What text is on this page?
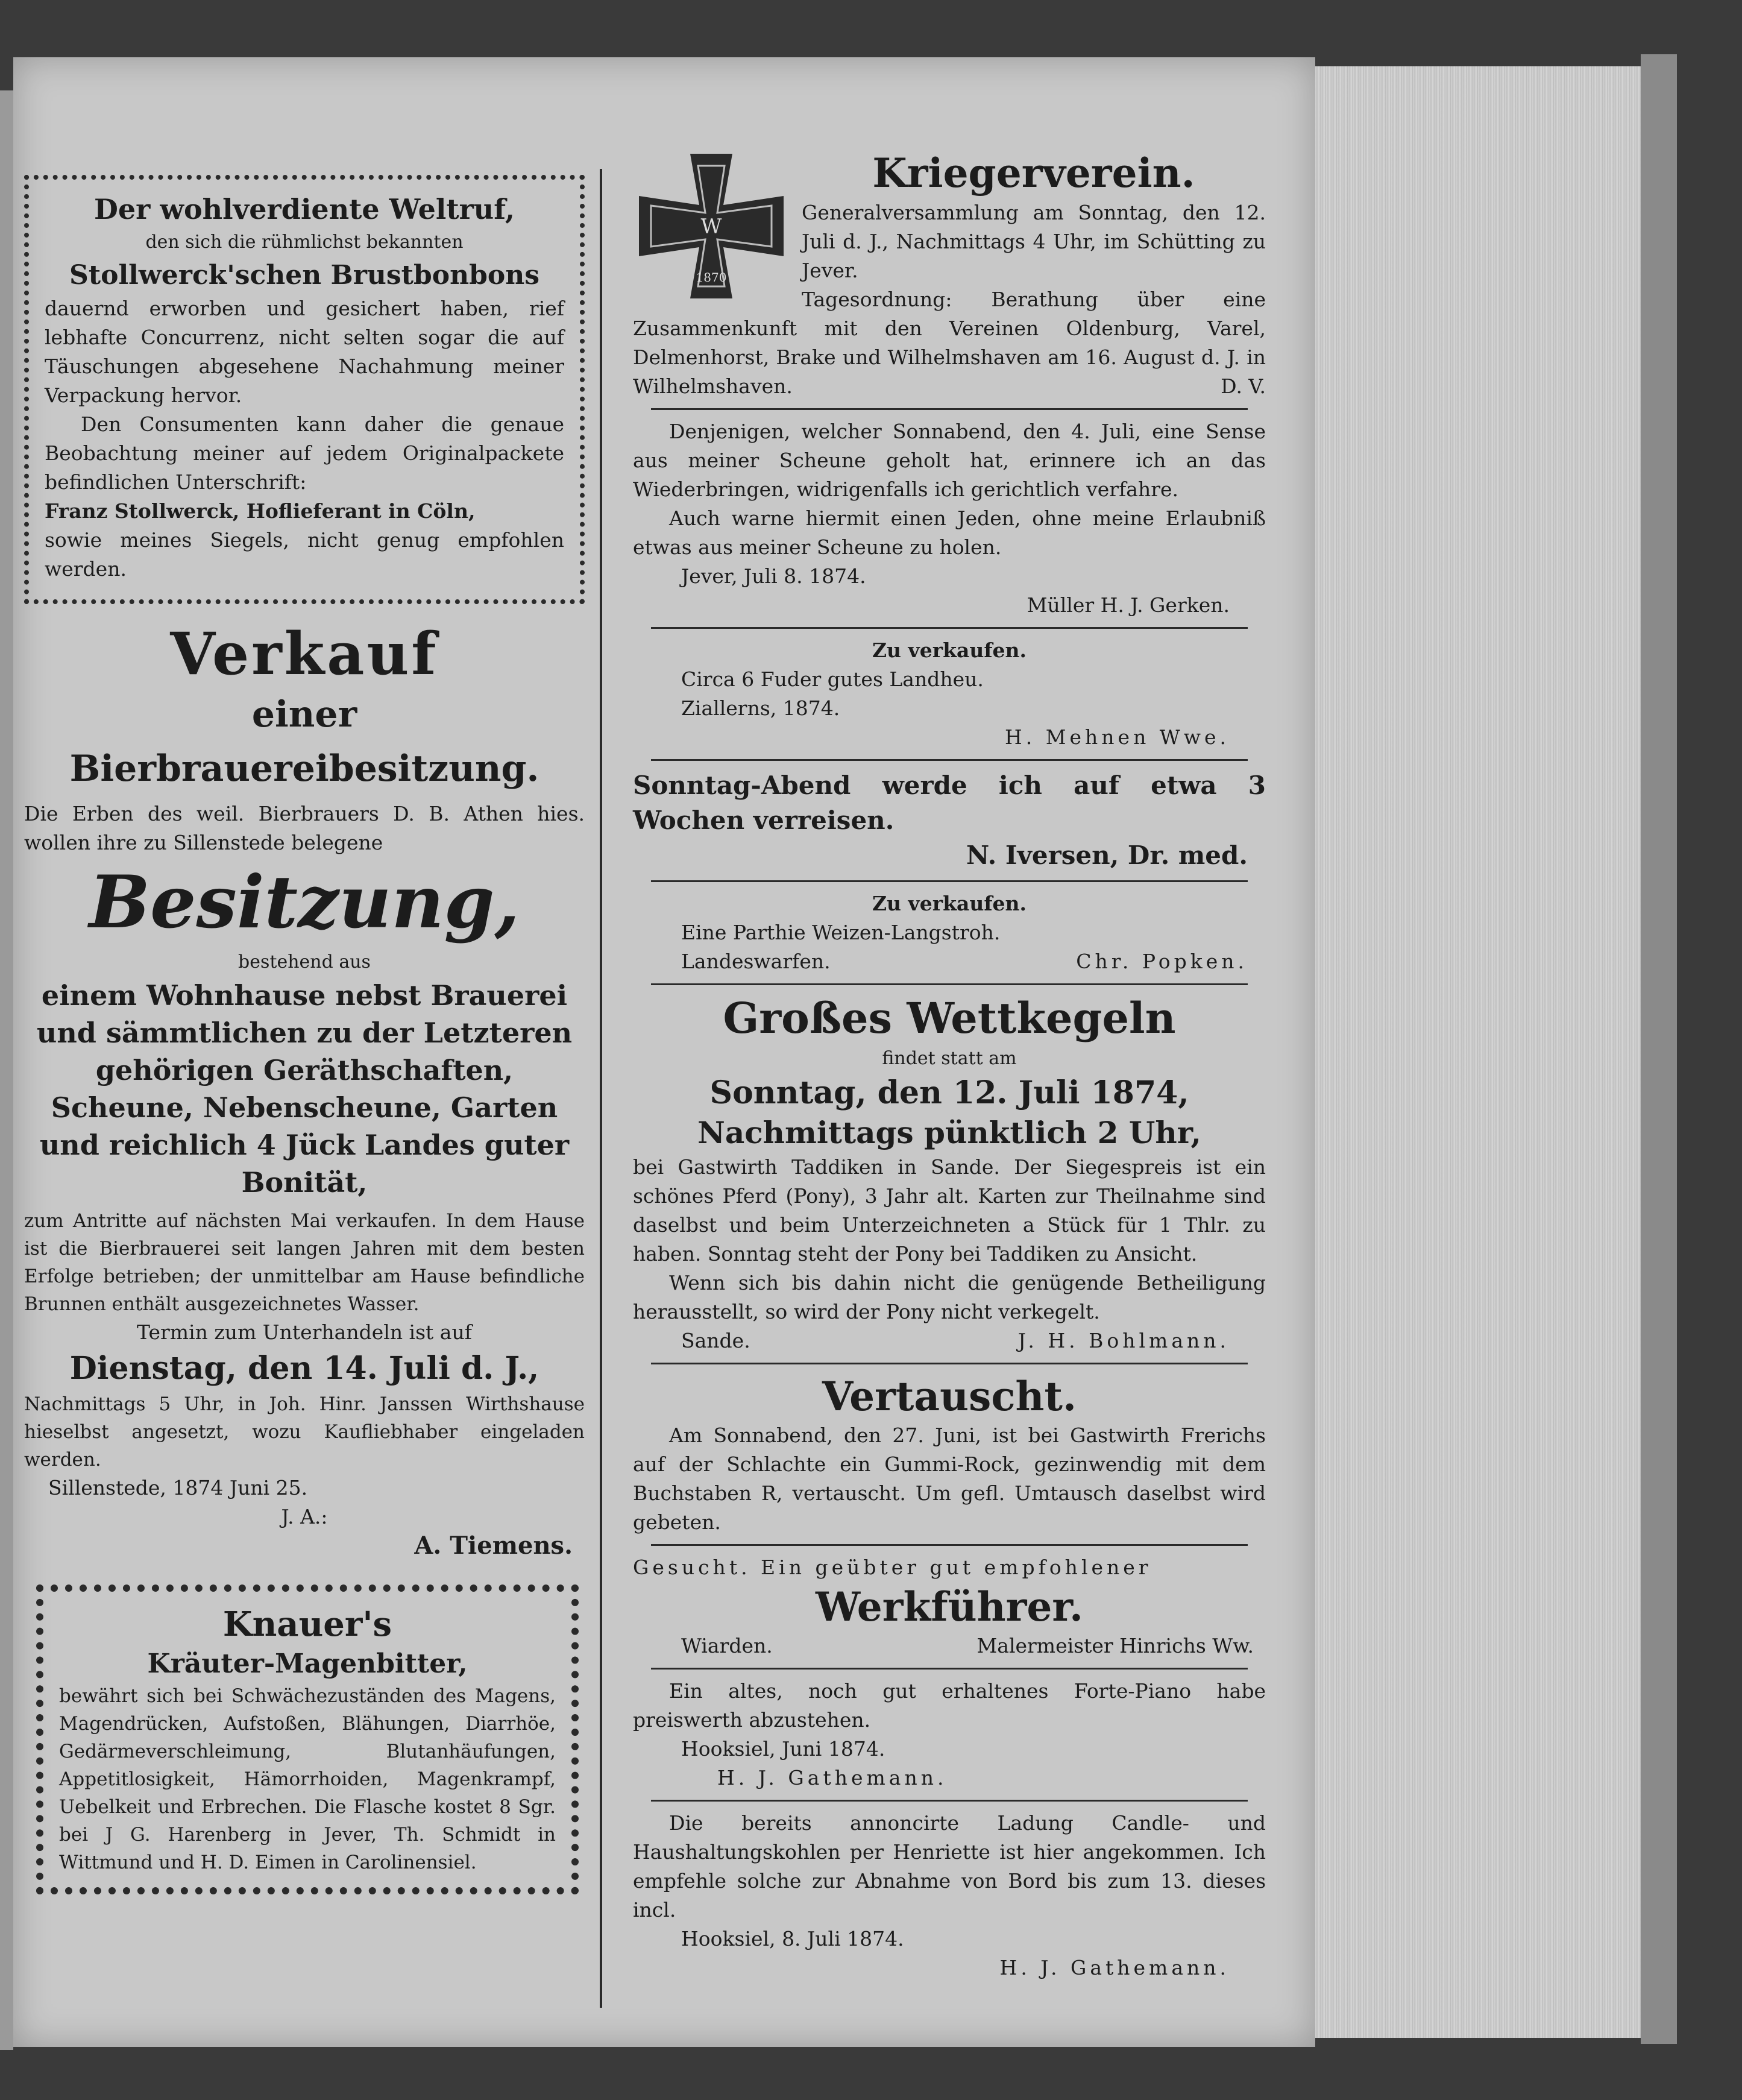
Der wohlverdiente Weltruf,

den sich die rühmlichst bekannten

Stollwerck'schen Brustbonbons

dauernd erworben und gesichert haben, rief lebhafte Concurrenz, nicht selten sogar die auf Täuschungen abgesehene Nachahmung meiner Verpackung hervor.

Den Consumenten kann daher die genaue Beobachtung meiner auf jedem Originalpackete befindlichen Unterschrift:

Franz Stollwerck, Hoflieferant in Cöln,

sowie meines Siegels, nicht genug empfohlen werden.

Verkauf

einer Bierbrauereibesitzung.

Die Erben des weil. Bierbrauers D. B. Athen hies. wollen ihre zu Sillenstede belegene

Besitzung,

bestehend aus

einem Wohnhause nebst Brauerei und sämmtlichen zu der Letzteren gehörigen Geräthschaften, Scheune, Nebenscheune, Garten und reichlich 4 Jück Landes guter Bonität,

zum Antritte auf nächsten Mai verkaufen. In dem Hause ist die Bierbrauerei seit langen Jahren mit dem besten Erfolge betrieben; der unmittelbar am Hause befindliche Brunnen enthält ausgezeichnetes Wasser.

Termin zum Unterhandeln ist auf

Dienstag, den 14. Juli d. J.,

Nachmittags 5 Uhr, in Joh. Hinr. Janssen Wirthshause hieselbst angesetzt, wozu Kaufliebhaber eingeladen werden.

Sillenstede, 1874 Juni 25.

J. A.:

A. Tiemens.

Knauer's

Kräuter-Magenbitter,

bewährt sich bei Schwächezuständen des Magens, Magendrücken, Aufstoßen, Blähungen, Diarrhöe, Gedärmeverschleimung, Blutanhäufungen, Appetitlosigkeit, Hämorrhoiden, Magenkrampf, Uebelkeit und Erbrechen. Die Flasche kostet 8 Sgr. bei J G. Harenberg in Jever, Th. Schmidt in Wittmund und H. D. Eimen in Carolinensiel.

W
1870

Kriegerverein.

Generalversammlung am Sonntag, den 12. Juli d. J., Nachmittags 4 Uhr, im Schütting zu Jever.

Tagesordnung: Berathung über eine Zusammenkunft mit den Vereinen Oldenburg, Varel, Delmenhorst, Brake und Wilhelmshaven am 16. August d. J. in Wilhelmshaven.	D. V.

Denjenigen, welcher Sonnabend, den 4. Juli, eine Sense aus meiner Scheune geholt hat, erinnere ich an das Wiederbringen, widrigenfalls ich gerichtlich verfahre.

Auch warne hiermit einen Jeden, ohne meine Erlaubniß etwas aus meiner Scheune zu holen.

Jever, Juli 8. 1874.

Müller H. J. Gerken.

Zu verkaufen.

Circa 6 Fuder gutes Landheu.

Ziallerns, 1874.

H. Mehnen Wwe.

Sonntag-Abend werde ich auf etwa 3 Wochen verreisen.

N. Iversen, Dr. med.

Zu verkaufen.

Eine Parthie Weizen-Langstroh.

Landeswarfen.	Chr. Popken.

Großes Wettkegeln

findet statt am

Sonntag, den 12. Juli 1874,

Nachmittags pünktlich 2 Uhr,

bei Gastwirth Taddiken in Sande. Der Siegespreis ist ein schönes Pferd (Pony), 3 Jahr alt. Karten zur Theilnahme sind daselbst und beim Unterzeichneten a Stück für 1 Thlr. zu haben. Sonntag steht der Pony bei Taddiken zu Ansicht.

Wenn sich bis dahin nicht die genügende Betheiligung herausstellt, so wird der Pony nicht verkegelt.

Sande.	J. H. Bohlmann.

Vertauscht.

Am Sonnabend, den 27. Juni, ist bei Gastwirth Frerichs auf der Schlachte ein Gummi-Rock, gezinwendig mit dem Buchstaben R, vertauscht. Um gefl. Umtausch daselbst wird gebeten.

Gesucht. Ein geübter gut empfohlener

Werkführer.

Wiarden.	Malermeister Hinrichs Ww.

Ein altes, noch gut erhaltenes Forte-Piano habe preiswerth abzustehen.

Hooksiel, Juni 1874.

H. J. Gathemann.

Die bereits annoncirte Ladung Candle- und Haushaltungskohlen per Henriette ist hier angekommen. Ich empfehle solche zur Abnahme von Bord bis zum 13. dieses incl.

Hooksiel, 8. Juli 1874.

H. J. Gathemann.
